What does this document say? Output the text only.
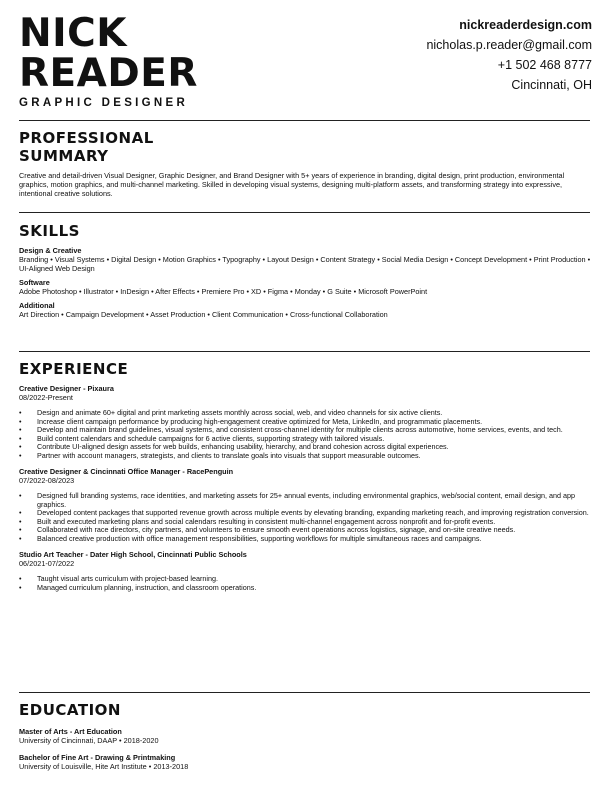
NICK
READER
GRAPHIC DESIGNER
nickreaderdesign.com
nicholas.p.reader@gmail.com
+1 502 468 8777
Cincinnati, OH
PROFESSIONAL
SUMMARY

Creative and detail-driven Visual Designer, Graphic Designer, and Brand Designer with 5+ years of experience in branding, digital design, print production, environmental graphics, motion graphics, and multi-channel marketing. Skilled in developing visual systems, designing multi-platform assets, and transforming strategy into expressive, intentional creative solutions.

SKILLS

Design & Creative

Branding • Visual Systems • Digital Design • Motion Graphics • Typography • Layout Design • Content Strategy • Social Media Design • Concept Development • Print Production • UI-Aligned Web Design

Software

Adobe Photoshop • Illustrator • InDesign • After Effects • Premiere Pro • XD • Figma • Monday • G Suite • Microsoft PowerPoint

Additional

Art Direction • Campaign Development • Asset Production • Client Communication • Cross-functional Collaboration

EXPERIENCE
Creative Designer - Pixaura
08/2022-Present
• Design and animate 60+ digital and print marketing assets monthly across social, web, and video channels for six active clients.
• Increase client campaign performance by producing high-engagement creative optimized for Meta, LinkedIn, and programmatic placements.
• Develop and maintain brand guidelines, visual systems, and consistent cross-channel identity for multiple clients across automotive, home services, events, and tech.
• Build content calendars and schedule campaigns for 6 active clients, supporting strategy with tailored visuals.
• Contribute UI-aligned design assets for web builds, enhancing usability, hierarchy, and brand cohesion across digital experiences.
• Partner with account managers, strategists, and clients to translate goals into visuals that support measurable outcomes.
Creative Designer & Cincinnati Office Manager - RacePenguin
07/2022-08/2023
• Designed full branding systems, race identities, and marketing assets for 25+ annual events, including environmental graphics, web/social content, email design, and app graphics.
• Developed content packages that supported revenue growth across multiple events by elevating branding, expanding marketing reach, and improving registration conversion.
• Built and executed marketing plans and social calendars resulting in consistent multi-channel engagement across nonprofit and for-profit events.
• Collaborated with race directors, city partners, and volunteers to ensure smooth event operations across logistics, signage, and on-site creative needs.
• Balanced creative production with office management responsibilities, supporting workflows for multiple simultaneous races and campaigns.
Studio Art Teacher - Dater High School, Cincinnati Public Schools
06/2021-07/2022
• Taught visual arts curriculum with project-based learning.
• Managed curriculum planning, instruction, and classroom operations.
EDUCATION

Master of Arts - Art Education

University of Cincinnati, DAAP • 2018-2020

Bachelor of Fine Art - Drawing & Printmaking

University of Louisville, Hite Art Institute • 2013-2018
